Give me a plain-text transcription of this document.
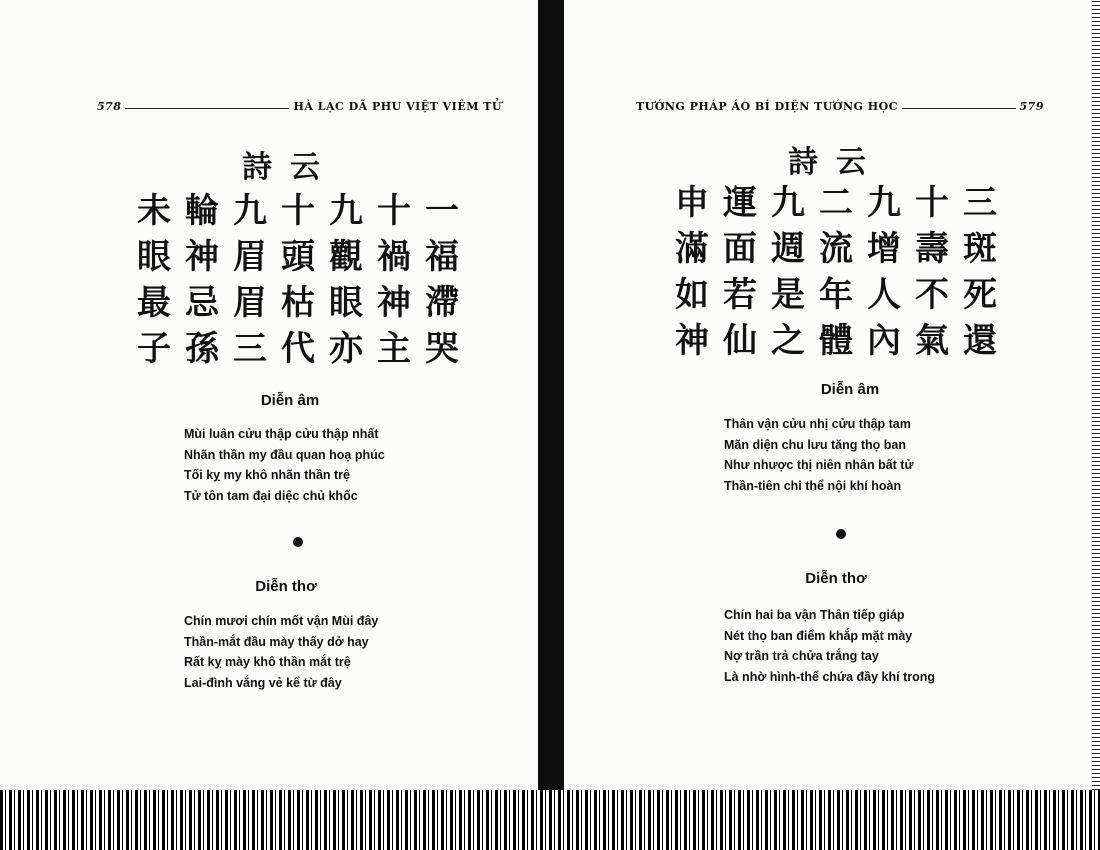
578	HÀ LẠC DÃ PHU VIỆT VIÊM TỬ
詩云
未 輪 九 十 九 十 一
眼 神 眉 頭 觀 禍 福
最 忌 眉 枯 眼 神 滯
子 孫 三 代 亦 主 哭
Diễn âm
Mùi luân cửu thập cửu thập nhất
Nhãn thần my đầu quan hoạ phúc
Tối kỵ my khô nhãn thần trệ
Tử tôn tam đại diệc chủ khốc
Diễn thơ
Chín mươi chín mốt vận Mùi đây
Thần-mắt đầu mày thấy dở hay
Rất kỵ mày khô thần mắt trệ
Lai-đình vắng vẻ kể từ đây
TƯỚNG PHÁP ÁO BÍ DIỆN TƯỚNG HỌC	579
詩云
申 運 九 二 九 十 三
滿 面 週 流 增 壽 斑
如 若 是 年 人 不 死
神 仙 之 體 內 氣 還
Diễn âm
Thân vận cửu nhị cửu thập tam
Mãn diện chu lưu tăng thọ ban
Như nhược thị niên nhân bất tử
Thần-tiên chi thể nội khí hoàn
Diễn thơ
Chín hai ba vận Thân tiếp giáp
Nét thọ ban điểm khắp mặt mày
Nợ trần trả chửa trắng tay
Là nhờ hình-thể chứa đầy khí trong
